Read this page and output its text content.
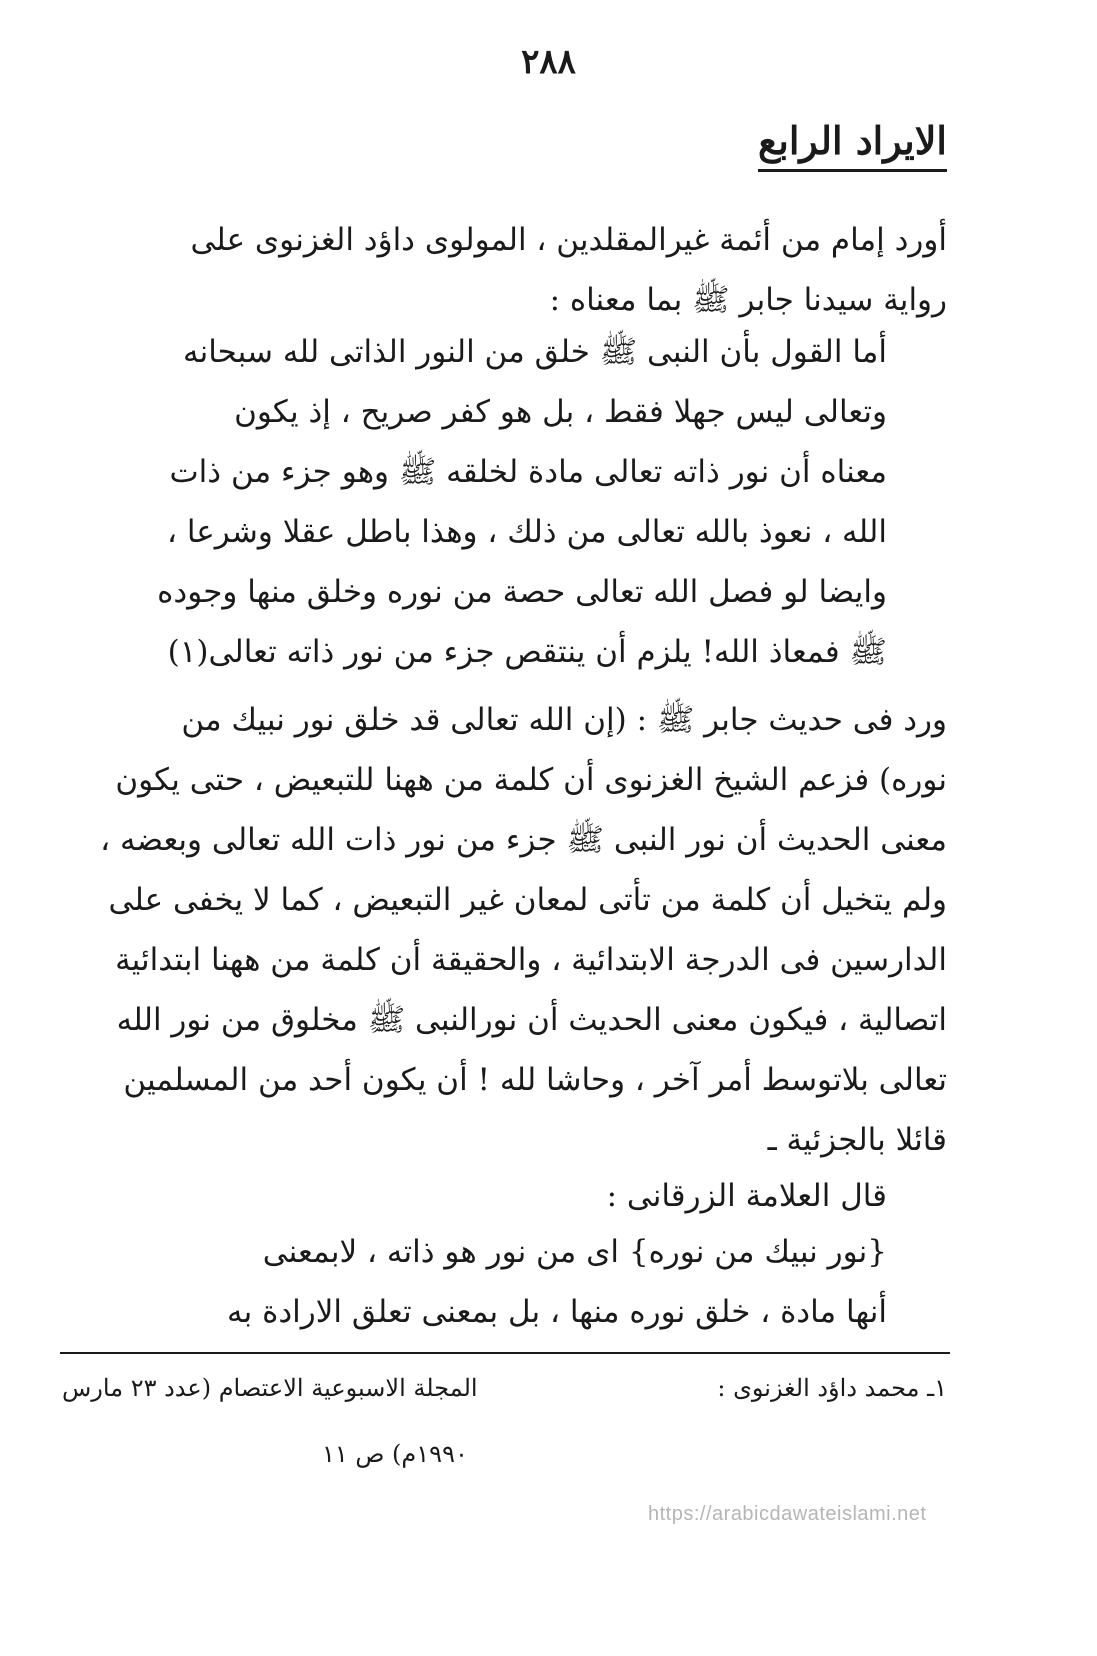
٢٨٨
الايراد الرابع
أورد إمام من أئمة غيرالمقلدين ، المولوى داؤد الغزنوى على
رواية سيدنا جابر ﷺ بما معناه :
أما القول بأن النبى ﷺ خلق من النور الذاتى لله سبحانه
وتعالى ليس جهلا فقط ، بل هو كفر صريح ، إذ يكون
معناه أن نور ذاته تعالى مادة لخلقه ﷺ وهو جزء من ذات
الله ، نعوذ بالله تعالى من ذلك ، وهذا باطل عقلا وشرعا ،
وايضا لو فصل الله تعالى حصة من نوره وخلق منها وجوده
ﷺ فمعاذ الله! يلزم أن ينتقص جزء من نور ذاته تعالى(١)
ورد فى حديث جابر ﷺ : (إن الله تعالى قد خلق نور نبيك من
نوره) فزعم الشيخ الغزنوى أن كلمة من ههنا للتبعيض ، حتى يكون
معنى الحديث أن نور النبى ﷺ جزء من نور ذات الله تعالى وبعضه ،
ولم يتخيل أن كلمة من تأتى لمعان غير التبعيض ، كما لا يخفى على
الدارسين فى الدرجة الابتدائية ، والحقيقة أن كلمة من ههنا ابتدائية
اتصالية ، فيكون معنى الحديث أن نورالنبى ﷺ مخلوق من نور الله
تعالى بلاتوسط أمر آخر ، وحاشا لله ! أن يكون أحد من المسلمين
قائلا بالجزئية ـ
قال العلامة الزرقانى :
{نور نبيك من نوره} اى من نور هو ذاته ، لابمعنى
أنها مادة ، خلق نوره منها ، بل بمعنى تعلق الارادة به
١ـ محمد داؤد الغزنوى :
المجلة الاسبوعية الاعتصام (عدد ٢٣ مارس
١٩٩٠م) ص ١١
https://arabicdawateislami.net
